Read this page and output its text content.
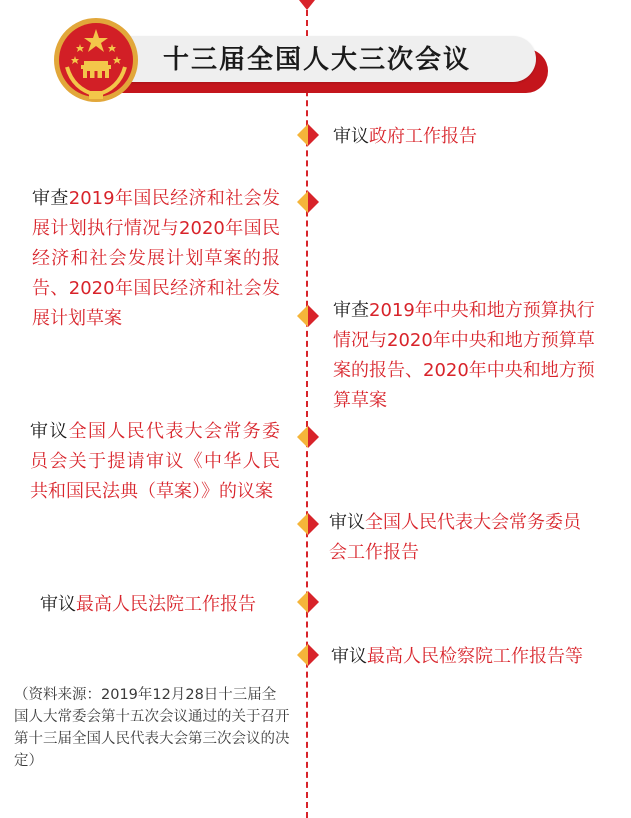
十三届全国人大三次会议
审议政府工作报告
审查2019年国民经济和社会发展计划执行情况与2020年国民经济和社会发展计划草案的报告、2020年国民经济和社会发展计划草案	审查2019年中央和地方预算执行情况与2020年中央和地方预算草案的报告、2020年中央和地方预算草案
审议全国人民代表大会常务委员会关于提请审议《中华人民共和国民法典（草案）》的议案
审议全国人民代表大会常务委员会工作报告
审议最高人民法院工作报告
审议最高人民检察院工作报告等
（资料来源：2019年12月28日十三届全国人大常委会第十五次会议通过的关于召开第十三届全国人民代表大会第三次会议的决定）
